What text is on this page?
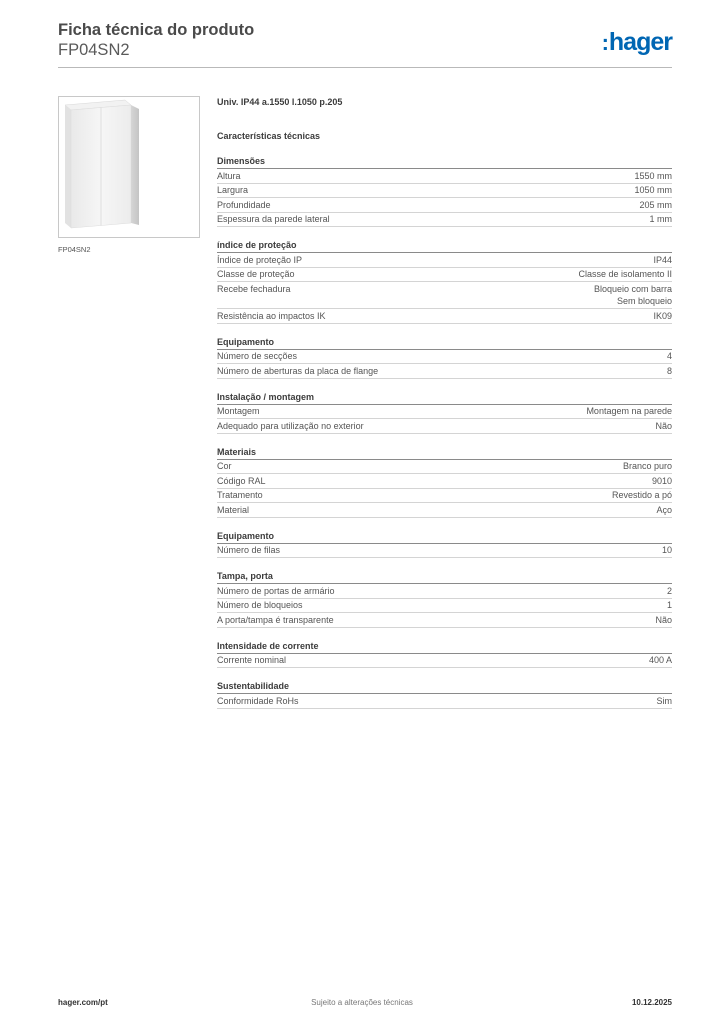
Ficha técnica do produto
FP04SN2	:hager
FP04SN2
Univ. IP44 a.1550 l.1050 p.205
Características técnicas
Dimensões
Altura	1550 mm
Largura	1050 mm
Profundidade	205 mm
Espessura da parede lateral	1 mm
índice de proteção
Índice de proteção IP	IP44
Classe de proteção	Classe de isolamento II
Recebe fechadura	Bloqueio com barra
Sem bloqueio
Resistência ao impactos IK	IK09
Equipamento
Número de secções	4
Número de aberturas da placa de flange	8
Instalação / montagem
Montagem	Montagem na parede
Adequado para utilização no exterior	Não
Materiais
Cor	Branco puro
Código RAL	9010
Tratamento	Revestido a pó
Material	Aço
Equipamento
Número de filas	10
Tampa, porta
Número de portas de armário	2
Número de bloqueios	1
A porta/tampa é transparente	Não
Intensidade de corrente
Corrente nominal	400 A
Sustentabilidade
Conformidade RoHs	Sim
hager.com/pt	Sujeito a alterações técnicas	10.12.2025
